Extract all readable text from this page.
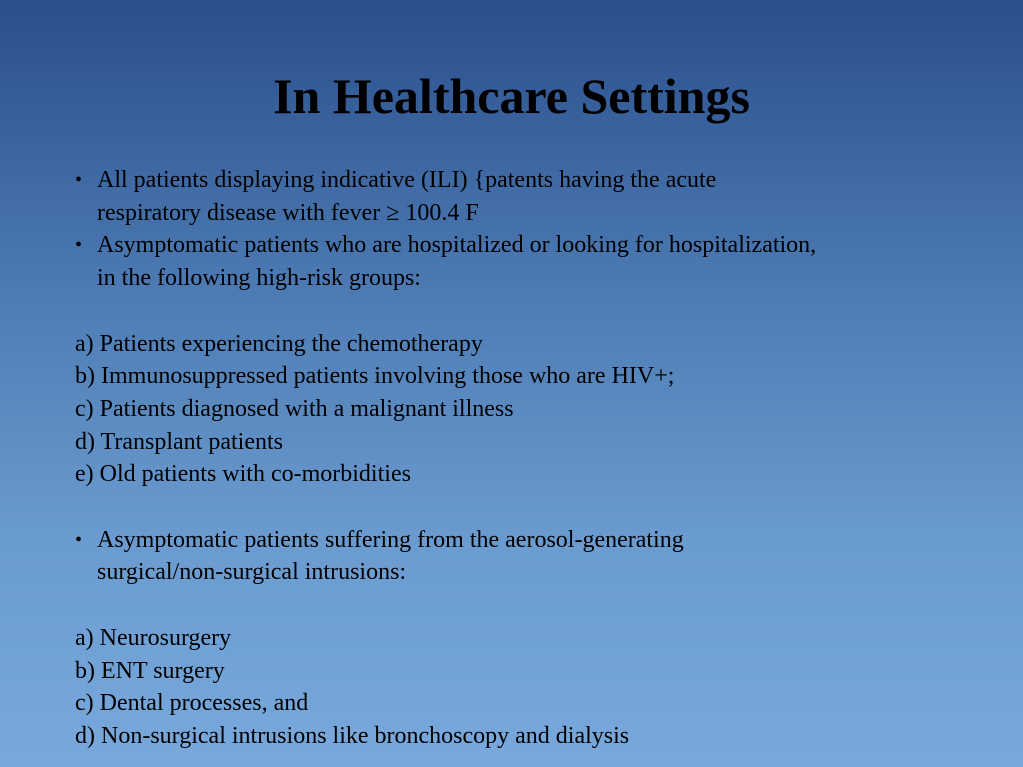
In Healthcare Settings
• All patients displaying indicative (ILI) {patents having the acute
respiratory disease with fever ≥ 100.4 F
• Asymptomatic patients who are hospitalized or looking for hospitalization,
in the following high-risk groups:
a) Patients experiencing the chemotherapy
b) Immunosuppressed patients involving those who are HIV+;
c) Patients diagnosed with a malignant illness
d) Transplant patients
e) Old patients with co-morbidities
• Asymptomatic patients suffering from the aerosol-generating
surgical/non-surgical intrusions:
a) Neurosurgery
b) ENT surgery
c) Dental processes, and
d) Non-surgical intrusions like bronchoscopy and dialysis
